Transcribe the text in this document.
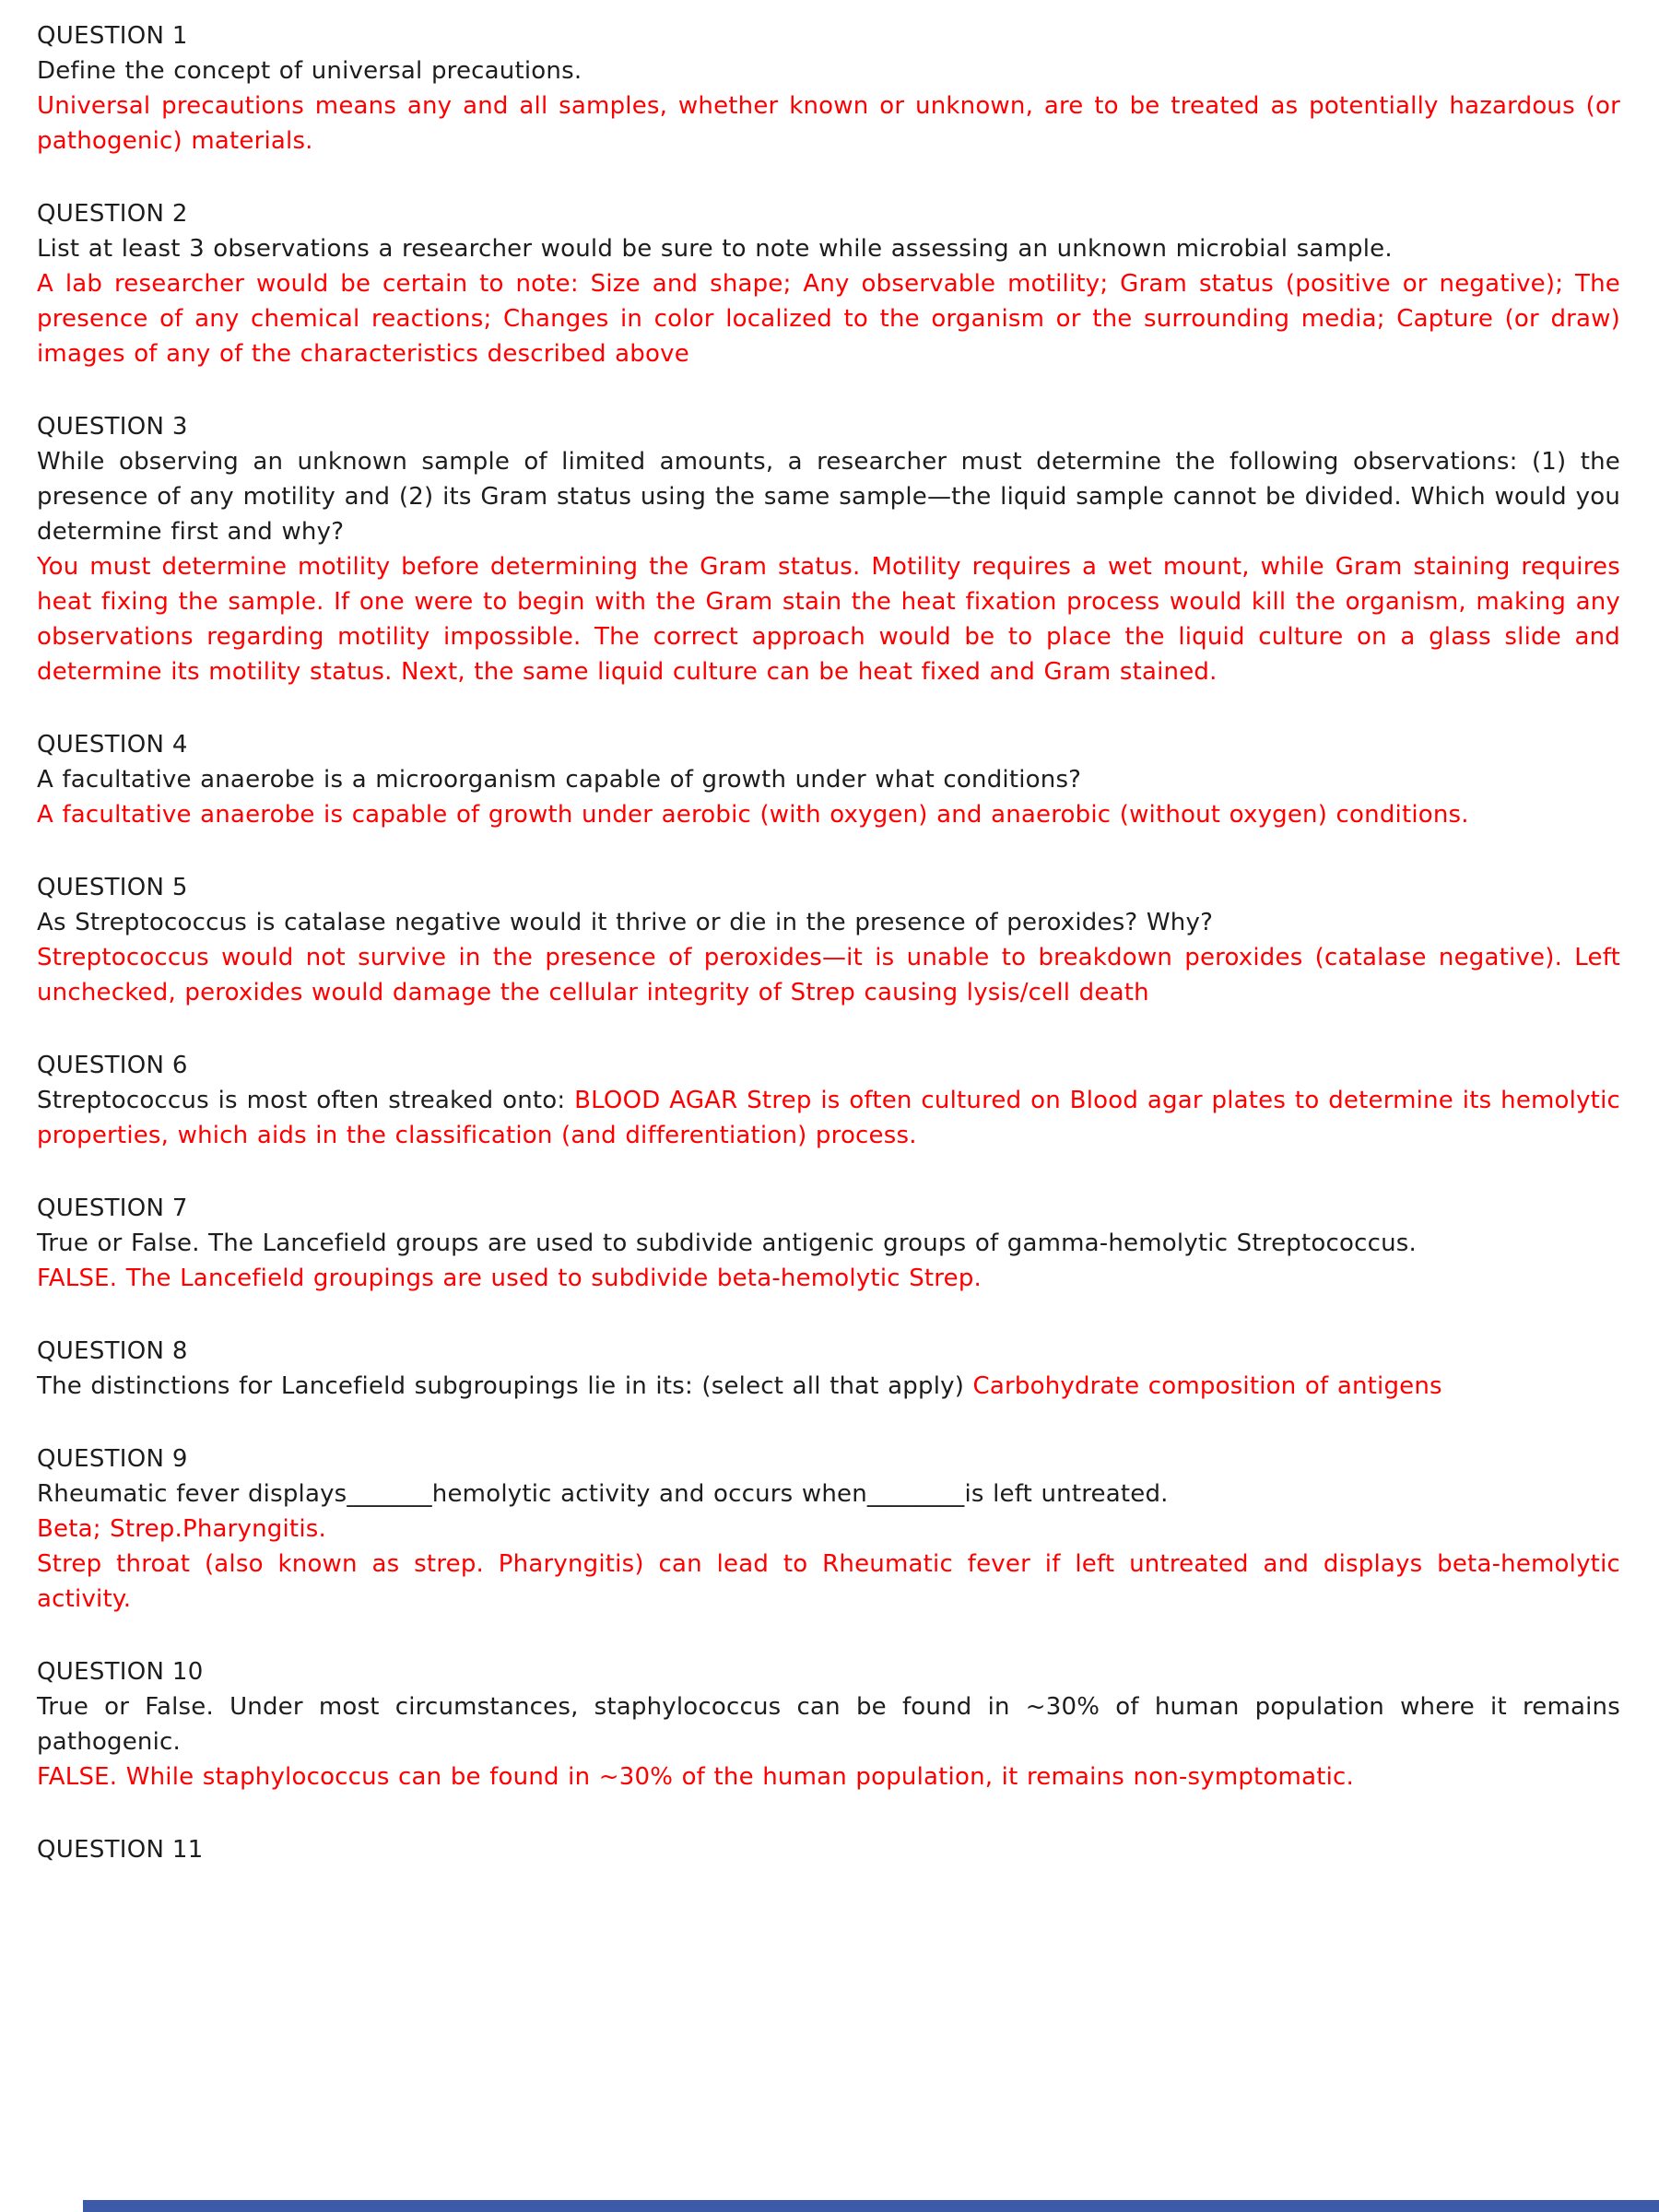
QUESTION 1

Define the concept of universal precautions.

Universal precautions means any and all samples, whether known or unknown, are to be treated as potentially hazardous (or pathogenic) materials.

QUESTION 2

List at least 3 observations a researcher would be sure to note while assessing an unknown microbial sample.

A lab researcher would be certain to note: Size and shape; Any observable motility; Gram status (positive or negative); The presence of any chemical reactions; Changes in color localized to the organism or the surrounding media; Capture (or draw) images of any of the characteristics described above

QUESTION 3

While observing an unknown sample of limited amounts, a researcher must determine the following observations: (1) the presence of any motility and (2) its Gram status using the same sample—the liquid sample cannot be divided. Which would you determine first and why?

You must determine motility before determining the Gram status. Motility requires a wet mount, while Gram staining requires heat fixing the sample. If one were to begin with the Gram stain the heat fixation process would kill the organism, making any observations regarding motility impossible. The correct approach would be to place the liquid culture on a glass slide and determine its motility status. Next, the same liquid culture can be heat fixed and Gram stained.

QUESTION 4

A facultative anaerobe is a microorganism capable of growth under what conditions?

A facultative anaerobe is capable of growth under aerobic (with oxygen) and anaerobic (without oxygen) conditions.

QUESTION 5

As Streptococcus is catalase negative would it thrive or die in the presence of peroxides? Why?

Streptococcus would not survive in the presence of peroxides—it is unable to breakdown peroxides (catalase negative). Left unchecked, peroxides would damage the cellular integrity of Strep causing lysis/cell death

QUESTION 6

Streptococcus is most often streaked onto: BLOOD AGAR Strep is often cultured on Blood agar plates to determine its hemolytic properties, which aids in the classification (and differentiation) process.

QUESTION 7

True or False. The Lancefield groups are used to subdivide antigenic groups of gamma-hemolytic Streptococcus.

FALSE. The Lancefield groupings are used to subdivide beta-hemolytic Strep.

QUESTION 8

The distinctions for Lancefield subgroupings lie in its: (select all that apply) Carbohydrate composition of antigens

QUESTION 9

Rheumatic fever displays_______hemolytic activity and occurs when________is left untreated.

Beta; Strep.Pharyngitis.

Strep throat (also known as strep. Pharyngitis) can lead to Rheumatic fever if left untreated and displays beta-hemolytic activity.

QUESTION 10

True or False. Under most circumstances, staphylococcus can be found in ~30% of human population where it remains pathogenic.

FALSE. While staphylococcus can be found in ~30% of the human population, it remains non-symptomatic.

QUESTION 11
